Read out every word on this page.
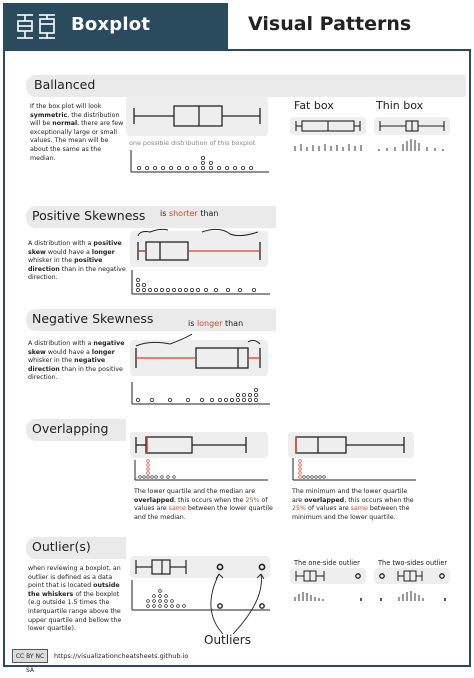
Boxplot	Visual Patterns
Ballanced
If the box plot will look symmetric, the distribution will be normal, there are few exceptionally large or small values. The mean will be about the same as the median.
one possible distribution of this boxplot
Fat box	Thin box
Positive Skewness is shorter than
A distribution with a positive skew would have a longer whisker in the positive direction than in the negative direction.
Negative Skewness	is longer than
A distribution with a negative skew would have a longer whisker in the negative direction than in the positive direction.
Overlapping
The lower quartile and the median are overlapped, this occurs when the 25% of values are same between the lower quartile and the median.
The minimum and the lower quartile are overlapped, this occurs when the 25% of values are same between the minimum and the lower quartile.
Outlier(s)
when reviewing a boxplot, an outlier is defined as a data point that is located outside the whiskers of the boxplot (e.g outside 1.5 times the interquartile range above the upper quartile and bellow the lower quartile).
Outliers
The one-side outlier	The two-sides outlier
CC BY NC SA
https://visualizationcheatsheets.github.io
